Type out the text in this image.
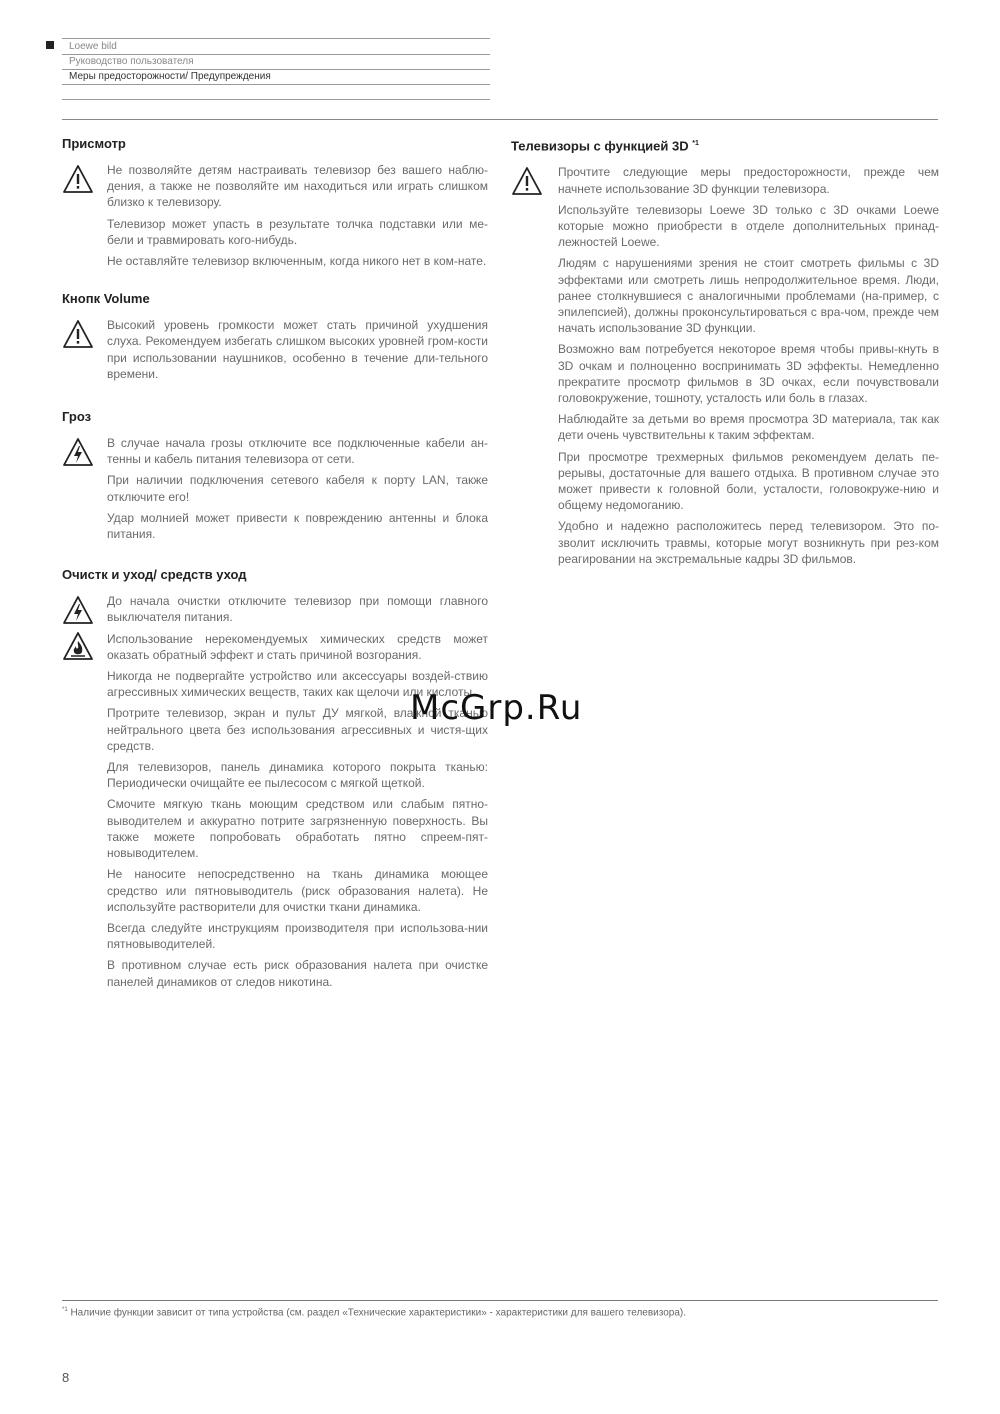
Loewe bild
Руководство пользователя
Меры предосторожности/ Предупреждения
Присмотр

Не позволяйте детям настраивать телевизор без вашего наблю-дения, а также не позволяйте им находиться или играть слишком близко к телевизору.

Телевизор может упасть в результате толчка подставки или ме-бели и травмировать кого-нибудь.

Не оставляйте телевизор включенным, когда никого нет в ком-нате.

Кнопк Volume

Высокий уровень громкости может стать причиной ухудшения слуха. Рекомендуем избегать слишком высоких уровней гром-кости при использовании наушников, особенно в течение дли-тельного времени.

Гроз

В случае начала грозы отключите все подключенные кабели ан-тенны и кабель питания телевизора от сети.

При наличии подключения сетевого кабеля к порту LAN, также отключите его!

Удар молнией может привести к повреждению антенны и блока питания.

Очистк и уход/ средств уход

До начала очистки отключите телевизор при помощи главного выключателя питания.

Использование нерекомендуемых химических средств может оказать обратный эффект и стать причиной возгорания.

Никогда не подвергайте устройство или аксессуары воздей-ствию агрессивных химических веществ, таких как щелочи или кислоты.

Протрите телевизор, экран и пульт ДУ мягкой, влажной тканью нейтрального цвета без использования агрессивных и чистя-щих средств.

Для телевизоров, панель динамика которого покрыта тканью: Периодически очищайте ее пылесосом с мягкой щеткой.

Смочите мягкую ткань моющим средством или слабым пятно-выводителем и аккуратно потрите загрязненную поверхность. Вы также можете попробовать обработать пятно спреем-пят-новыводителем.

Не наносите непосредственно на ткань динамика моющее средство или пятновыводитель (риск образования налета). Не используйте растворители для очистки ткани динамика.

Всегда следуйте инструкциям производителя при использова-нии пятновыводителей.

В противном случае есть риск образования налета при очистке панелей динамиков от следов никотина.

Телевизоры с функцией 3D $^{*1}$

Прочтите следующие меры предосторожности, прежде чем начнете использование 3D функции телевизора.

Используйте телевизоры Loewe 3D только с 3D очками Loewe которые можно приобрести в отделе дополнительных принад-лежностей Loewe.

Людям с нарушениями зрения не стоит смотреть фильмы с 3D эффектами или смотреть лишь непродолжительное время. Люди, ранее столкнувшиеся с аналогичными проблемами (на-пример, с эпилепсией), должны проконсультироваться с вра-чом, прежде чем начать использование 3D функции.

Возможно вам потребуется некоторое время чтобы привы-кнуть в 3D очкам и полноценно воспринимать 3D эффекты. Немедленно прекратите просмотр фильмов в 3D очках, если почувствовали головокружение, тошноту, усталость или боль в глазах.

Наблюдайте за детьми во время просмотра 3D материала, так как дети очень чувствительны к таким эффектам.

При просмотре трехмерных фильмов рекомендуем делать пе-рерывы, достаточные для вашего отдыха. В противном случае это может привести к головной боли, усталости, головокруже-нию и общему недомоганию.

Удобно и надежно расположитесь перед телевизором. Это по-зволит исключить травмы, которые могут возникнуть при рез-ком реагировании на экстремальные кадры 3D фильмов.

McGrp.Ru
$^{*1}$ Наличие функции зависит от типа устройства (см. раздел «Технические характеристики» - характеристики для вашего телевизора).
8
